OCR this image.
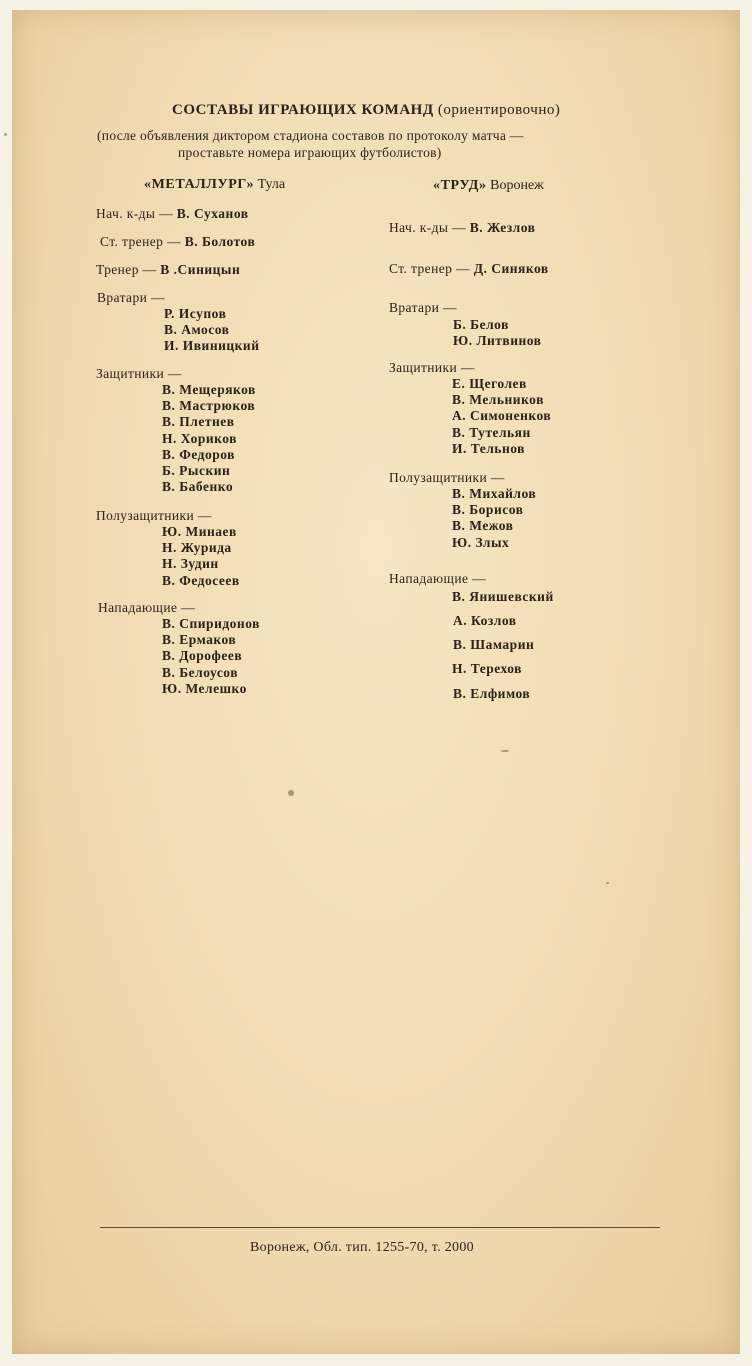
СОСТАВЫ ИГРАЮЩИХ КОМАНД (ориентировочно)
(после объявления диктором стадиона составов по протоколу матча —
проставьте номера играющих футболистов)
«МЕТАЛЛУРГ» Тула
Нач. к-ды — В. Суханов
Ст. тренер — В. Болотов
Тренер — В .Синицын
Вратари —
Р. Исупов
В. Амосов
И. Ивиницкий
Защитники —
В. Мещеряков
В. Мастрюков
В. Плетнев
Н. Хориков
В. Федоров
Б. Рыскин
В. Бабенко
Полузащитники —
Ю. Минаев
Н. Журида
Н. Зудин
В. Федосеев
Нападающие —
В. Спиридонов
В. Ермаков
В. Дорофеев
В. Белоусов
Ю. Мелешко
«ТРУД» Воронеж
Нач. к-ды — В. Жезлов
Ст. тренер — Д. Синяков
Вратари —
Б. Белов
Ю. Литвинов
Защитники —
Е. Щеголев
В. Мельников
А. Симоненков
В. Тутельян
И. Тельнов
Полузащитники —
В. Михайлов
В. Борисов
В. Межов
Ю. Злых
Нападающие —
В. Янишевский
А. Козлов
В. Шамарин
Н. Терехов
В. Елфимов
Воронеж, Обл. тип. 1255-70, т. 2000
